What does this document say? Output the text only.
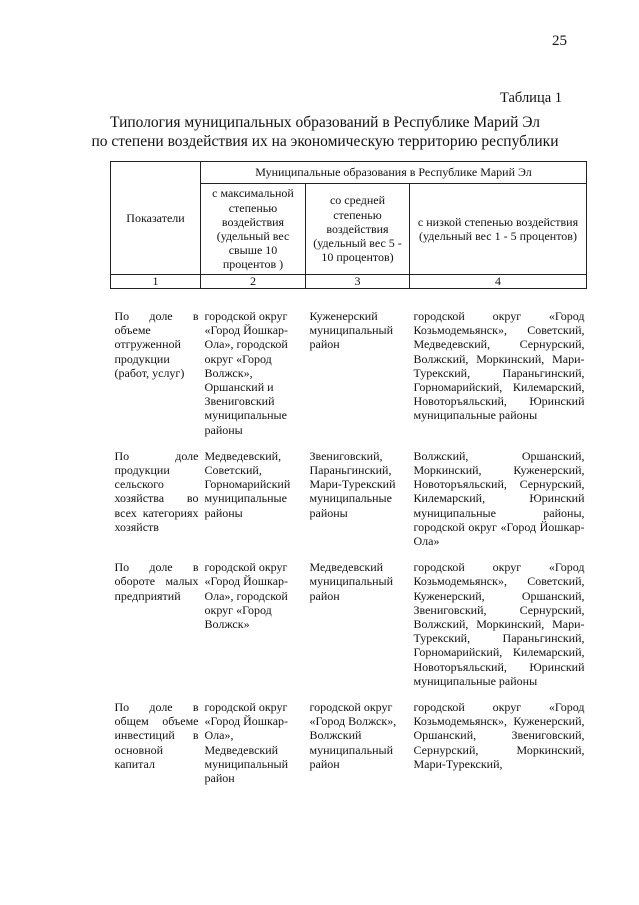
25
Таблица 1
Типология муниципальных образований в Республике Марий Эл
по степени воздействия их на экономическую территорию республики
Показатели	Муниципальные образования в Республике Марий Эл		
	с максимальной степенью воздействия (удельный вес свыше 10 процентов )	со средней степенью воздействия (удельный вес 5 - 10 процентов)	с низкой степенью воздействия (удельный вес 1 - 5 процентов)
1	2	3	4

По доле в объеме отгруженной продукции (работ, услуг)	городской округ «Город Йошкар-Ола», городской округ «Город Волжск», Оршанский и Звениговский муниципальные районы	Куженерский муниципальный район	городской округ «Город Козьмодемьянск», Советский, Медведевский, Сернурский, Волжский, Моркинский, Мари-Турекский, Параньгинский, Горномарийский, Килемарский, Новоторъяльский, Юринский муниципальные районы
По доле продукции сельского хозяйства во всех категориях хозяйств	Медведевский, Советский, Горномарийский муниципальные районы	Звениговский, Параньгинский, Мари-Турекский муниципальные районы	Волжский, Оршанский, Моркинский, Куженерский, Новоторъяльский, Сернурский, Килемарский, Юринский муниципальные районы, городской округ «Город Йошкар-Ола»
По доле в обороте малых предприятий	городской округ «Город Йошкар-Ола», городской округ «Город Волжск»	Медведевский муниципальный район	городской округ «Город Козьмодемьянск», Советский, Куженерский, Оршанский, Звениговский, Сернурский, Волжский, Моркинский, Мари-Турекский, Параньгинский, Горномарийский, Килемарский, Новоторъяльский, Юринский муниципальные районы
По доле в общем объеме инвестиций в основной капитал	городской округ «Город Йошкар-Ола», Медведевский муниципальный район	городской округ «Город Волжск», Волжский муниципальный район	городской округ «Город Козьмодемьянск», Куженерский, Оршанский, Звениговский, Сернурский, Моркинский, Мари-Турекский,
